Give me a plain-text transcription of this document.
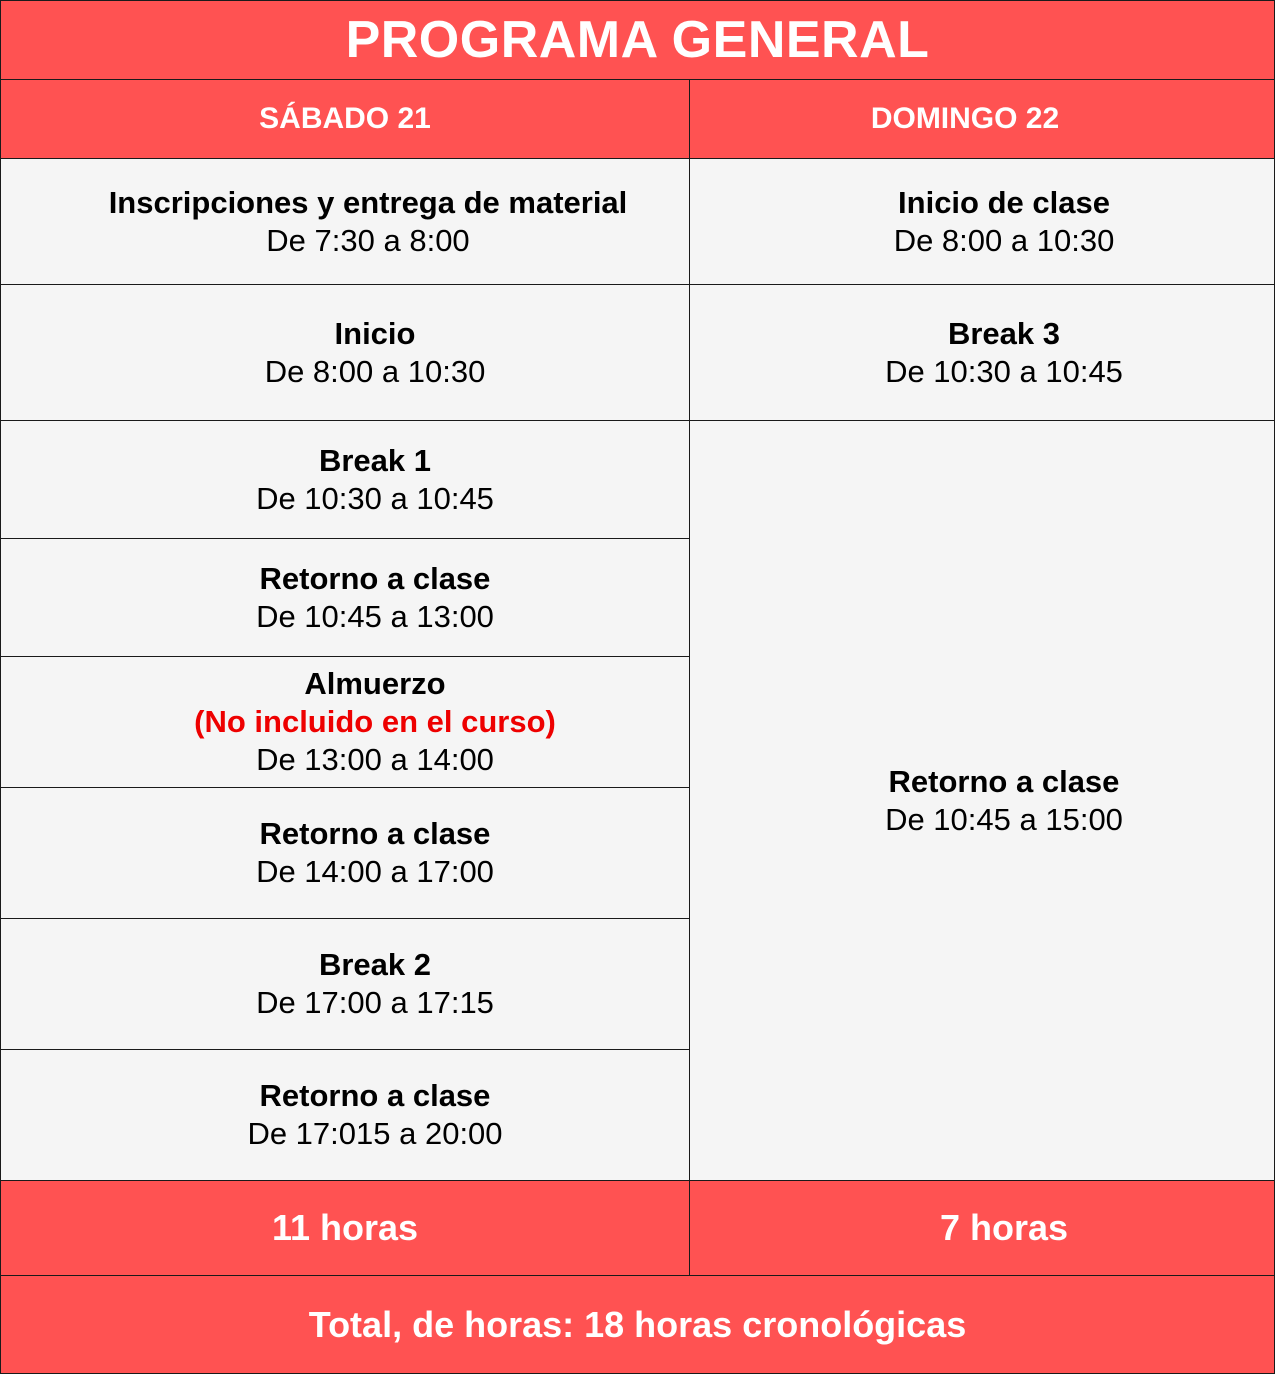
PROGRAMA GENERAL
SÁBADO 21	DOMINGO 22
Inscripciones y entrega de material
De 7:30 a 8:00
Inicio
De 8:00 a 10:30
Break 1
De 10:30 a 10:45
Retorno a clase
De 10:45 a 13:00
Almuerzo
(No incluido en el curso)
De 13:00 a 14:00
Retorno a clase
De 14:00 a 17:00
Break 2
De 17:00 a 17:15
Retorno a clase
De 17:015 a 20:00
Inicio de clase
De 8:00 a 10:30
Break 3
De 10:30 a 10:45
Retorno a clase
De 10:45 a 15:00
11 horas	7 horas
Total, de horas: 18 horas cronológicas
